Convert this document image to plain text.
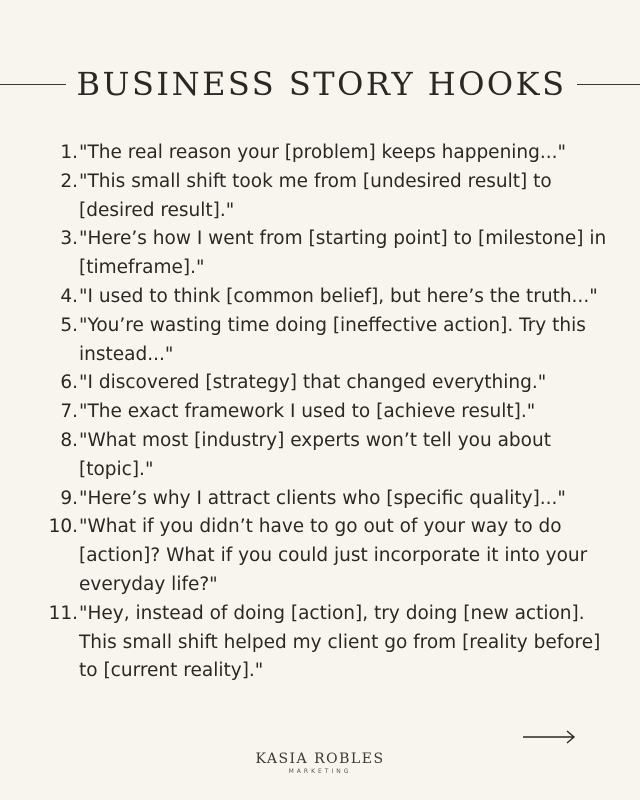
BUSINESS STORY HOOKS
1. "The real reason your [problem] keeps happening..."
2. "This small shift took me from [undesired result] to [desired result]."
3. "Here’s how I went from [starting point] to [milestone] in [timeframe]."
4. "I used to think [common belief], but here’s the truth..."
5. "You’re wasting time doing [ineffective action]. Try this instead..."
6. "I discovered [strategy] that changed everything."
7. "The exact framework I used to [achieve result]."
8. "What most [industry] experts won’t tell you about [topic]."
9. "Here’s why I attract clients who [specific quality]..."
10. "What if you didn’t have to go out of your way to do [action]? What if you could just incorporate it into your everyday life?"
11. "Hey, instead of doing [action], try doing [new action]. This small shift helped my client go from [reality before] to [current reality]."
KASIA ROBLES
MARKETING
